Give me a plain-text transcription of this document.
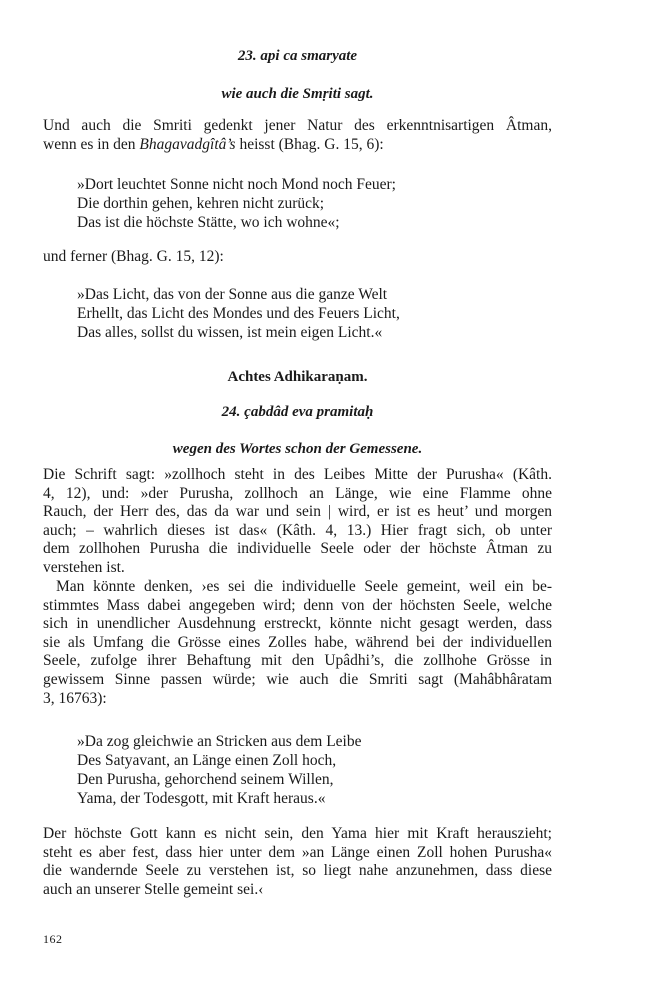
23. api ca smaryate
wie auch die Smṛiti sagt.
Und auch die Smriti gedenkt jener Natur des erkenntnisartigen Âtman,
wenn es in den Bhagavadgîtâ’s heisst (Bhag. G. 15, 6):
»Dort leuchtet Sonne nicht noch Mond noch Feuer;
Die dorthin gehen, kehren nicht zurück;
Das ist die höchste Stätte, wo ich wohne«;
und ferner (Bhag. G. 15, 12):
»Das Licht, das von der Sonne aus die ganze Welt
Erhellt, das Licht des Mondes und des Feuers Licht,
Das alles, sollst du wissen, ist mein eigen Licht.«
Achtes Adhikaraṇam.
24. çabdâd eva pramitaḥ
wegen des Wortes schon der Gemessene.
Die Schrift sagt: »zollhoch steht in des Leibes Mitte der Purusha« (Kâth.
4, 12), und: »der Purusha, zollhoch an Länge, wie eine Flamme ohne
Rauch, der Herr des, das da war und sein | wird, er ist es heut’ und morgen
auch; – wahrlich dieses ist das« (Kâth. 4, 13.) Hier fragt sich, ob unter
dem zollhohen Purusha die individuelle Seele oder der höchste Âtman zu
verstehen ist.
Man könnte denken, ›es sei die individuelle Seele gemeint, weil ein be-
stimmtes Mass dabei angegeben wird; denn von der höchsten Seele, welche
sich in unendlicher Ausdehnung erstreckt, könnte nicht gesagt werden, dass
sie als Umfang die Grösse eines Zolles habe, während bei der individuellen
Seele, zufolge ihrer Behaftung mit den Upâdhi’s, die zollhohe Grösse in
gewissem Sinne passen würde; wie auch die Smriti sagt (Mahâbhâratam
3, 16763):
»Da zog gleichwie an Stricken aus dem Leibe
Des Satyavant, an Länge einen Zoll hoch,
Den Purusha, gehorchend seinem Willen,
Yama, der Todesgott, mit Kraft heraus.«
Der höchste Gott kann es nicht sein, den Yama hier mit Kraft herauszieht;
steht es aber fest, dass hier unter dem »an Länge einen Zoll hohen Purusha«
die wandernde Seele zu verstehen ist, so liegt nahe anzunehmen, dass diese
auch an unserer Stelle gemeint sei.‹
162
